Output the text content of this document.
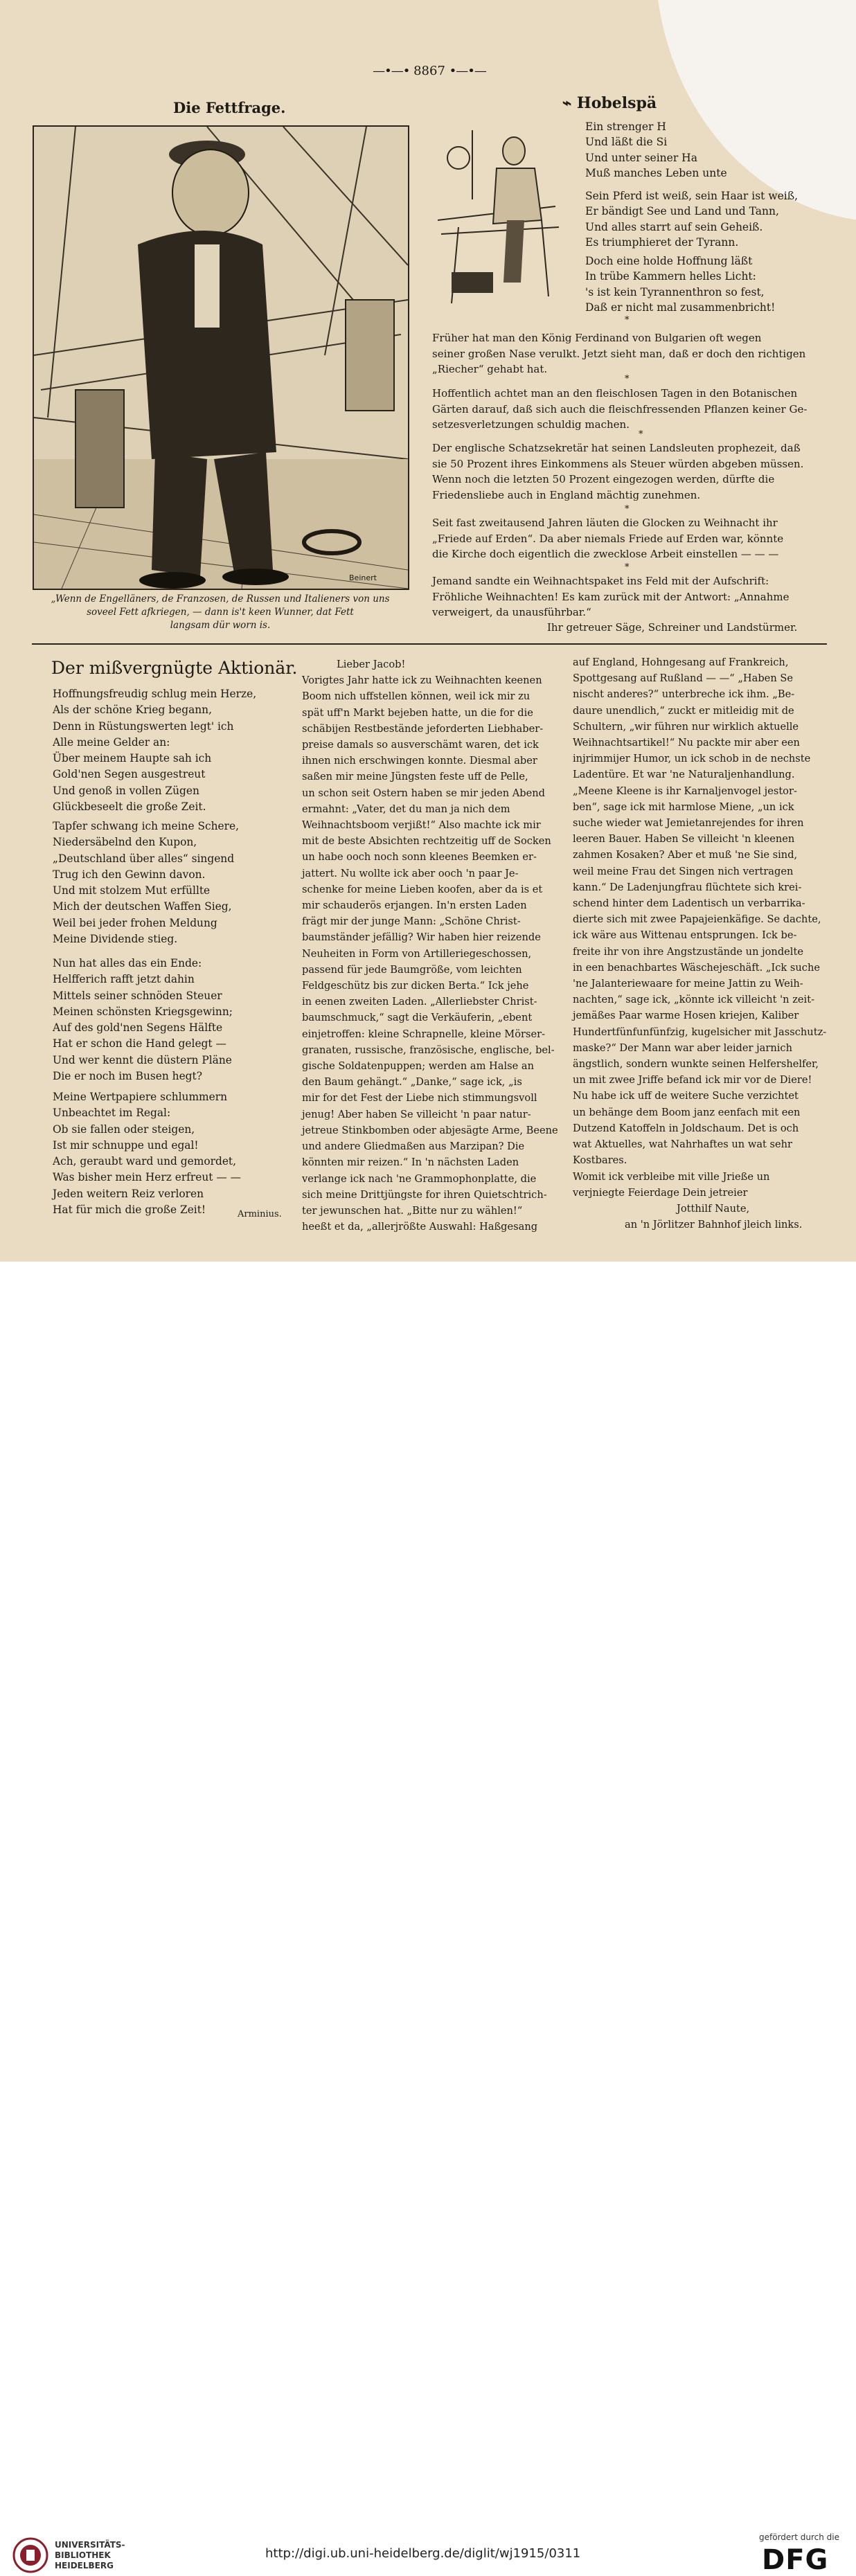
—•—• 8867 •—•—
Die Fettfrage.
Beinert
„Wenn de Engelläners, de Franzosen, de Russen und Italieners von uns
soveel Fett afkriegen, — dann is't keen Wunner, dat Fett
langsam dür worn is.
⌁ Hobelspä
Ein strenger H
Und läßt die Si
Und unter seiner Ha
Muß manches Leben unte
Sein Pferd ist weiß, sein Haar ist weiß,
Er bändigt See und Land und Tann,
Und alles starrt auf sein Geheiß.
Es triumphieret der Tyrann.
Doch eine holde Hoffnung läßt
In trübe Kammern helles Licht:
's ist kein Tyrannenthron so fest,
Daß er nicht mal zusammenbricht!
*
Früher hat man den König Ferdinand von Bulgarien oft wegen
seiner großen Nase verulkt. Jetzt sieht man, daß er doch den richtigen
„Riecher“ gehabt hat.
*
Hoffentlich achtet man an den fleischlosen Tagen in den Botanischen
Gärten darauf, daß sich auch die fleischfressenden Pflanzen keiner Ge-
setzesverletzungen schuldig machen.
*
Der englische Schatzsekretär hat seinen Landsleuten prophezeit, daß
sie 50 Prozent ihres Einkommens als Steuer würden abgeben müssen.
Wenn noch die letzten 50 Prozent eingezogen werden, dürfte die
Friedensliebe auch in England mächtig zunehmen.
*
Seit fast zweitausend Jahren läuten die Glocken zu Weihnacht ihr
„Friede auf Erden“. Da aber niemals Friede auf Erden war, könnte
die Kirche doch eigentlich die zwecklose Arbeit einstellen — — —
*
Jemand sandte ein Weihnachtspaket ins Feld mit der Aufschrift:
Fröhliche Weihnachten! Es kam zurück mit der Antwort: „Annahme
verweigert, da unausführbar.“
Ihr getreuer Säge, Schreiner und Landstürmer.
Der mißvergnügte Aktionär.
Hoffnungsfreudig schlug mein Herze,
Als der schöne Krieg begann,
Denn in Rüstungswerten legt' ich
Alle meine Gelder an:
Über meinem Haupte sah ich
Gold'nen Segen ausgestreut
Und genoß in vollen Zügen
Glückbeseelt die große Zeit.
Tapfer schwang ich meine Schere,
Niedersäbelnd den Kupon,
„Deutschland über alles“ singend
Trug ich den Gewinn davon.
Und mit stolzem Mut erfüllte
Mich der deutschen Waffen Sieg,
Weil bei jeder frohen Meldung
Meine Dividende stieg.
Nun hat alles das ein Ende:
Helfferich rafft jetzt dahin
Mittels seiner schnöden Steuer
Meinen schönsten Kriegsgewinn;
Auf des gold'nen Segens Hälfte
Hat er schon die Hand gelegt —
Und wer kennt die düstern Pläne
Die er noch im Busen hegt?
Meine Wertpapiere schlummern
Unbeachtet im Regal:
Ob sie fallen oder steigen,
Ist mir schnuppe und egal!
Ach, geraubt ward und gemordet,
Was bisher mein Herz erfreut — —
Jeden weitern Reiz verloren
Hat für mich die große Zeit!	Arminius.
Lieber Jacob!
Vorigtes Jahr hatte ick zu Weihnachten keenen
Boom nich uffstellen können, weil ick mir zu
spät uff'n Markt bejeben hatte, un die for die
schäbijen Restbestände jeforderten Liebhaber-
preise damals so ausverschämt waren, det ick
ihnen nich erschwingen konnte. Diesmal aber
saßen mir meine Jüngsten feste uff de Pelle,
un schon seit Ostern haben se mir jeden Abend
ermahnt: „Vater, det du man ja nich dem
Weihnachtsboom verjißt!“ Also machte ick mir
mit de beste Absichten rechtzeitig uff de Socken
un habe ooch noch sonn kleenes Beemken er-
jattert. Nu wollte ick aber ooch 'n paar Je-
schenke for meine Lieben koofen, aber da is et
mir schauderös erjangen. In'n ersten Laden
frägt mir der junge Mann: „Schöne Christ-
baumständer jefällig? Wir haben hier reizende
Neuheiten in Form von Artilleriegeschossen,
passend für jede Baumgröße, vom leichten
Feldgeschütz bis zur dicken Berta.“ Ick jehe
in eenen zweiten Laden. „Allerliebster Christ-
baumschmuck,“ sagt die Verkäuferin, „ebent
einjetroffen: kleine Schrapnelle, kleine Mörser-
granaten, russische, französische, englische, bel-
gische Soldatenpuppen; werden am Halse an
den Baum gehängt.“ „Danke,“ sage ick, „is
mir for det Fest der Liebe nich stimmungsvoll
jenug! Aber haben Se villeicht 'n paar natur-
jetreue Stinkbomben oder abjesägte Arme, Beene
und andere Gliedmaßen aus Marzipan? Die
könnten mir reizen.“ In 'n nächsten Laden
verlange ick nach 'ne Grammophonplatte, die
sich meine Drittjüngste for ihren Quietschtrich-
ter jewunschen hat. „Bitte nur zu wählen!“
heeßt et da, „allerjrößte Auswahl: Haßgesang
auf England, Hohngesang auf Frankreich,
Spottgesang auf Rußland — —“ „Haben Se
nischt anderes?“ unterbreche ick ihm. „Be-
daure unendlich,“ zuckt er mitleidig mit de
Schultern, „wir führen nur wirklich aktuelle
Weihnachtsartikel!“ Nu packte mir aber een
injrimmijer Humor, un ick schob in de nechste
Ladentüre. Et war 'ne Naturaljenhandlung.
„Meene Kleene is ihr Karnaljenvogel jestor-
ben“, sage ick mit harmlose Miene, „un ick
suche wieder wat Jemietanrejendes for ihren
leeren Bauer. Haben Se villeicht 'n kleenen
zahmen Kosaken? Aber et muß 'ne Sie sind,
weil meine Frau det Singen nich vertragen
kann.“ De Ladenjungfrau flüchtete sich krei-
schend hinter dem Ladentisch un verbarrika-
dierte sich mit zwee Papajeienkäfige. Se dachte,
ick wäre aus Wittenau entsprungen. Ick be-
freite ihr von ihre Angstzustände un jondelte
in een benachbartes Wäschejeschäft. „Ick suche
'ne Jalanteriewaare for meine Jattin zu Weih-
nachten,“ sage ick, „könnte ick villeicht 'n zeit-
jemäßes Paar warme Hosen kriejen, Kaliber
Hundertfünfunfünfzig, kugelsicher mit Jasschutz-
maske?“ Der Mann war aber leider jarnich
ängstlich, sondern wunkte seinen Helfershelfer,
un mit zwee Jriffe befand ick mir vor de Diere!
Nu habe ick uff de weitere Suche verzichtet
un behänge dem Boom janz eenfach mit een
Dutzend Katoffeln in Joldschaum. Det is och
wat Aktuelles, wat Nahrhaftes un wat sehr
Kostbares.
Womit ick verbleibe mit ville Jrieße un
verjniegte Feierdage Dein jetreier
Jotthilf Naute,
an 'n Jörlitzer Bahnhof jleich links.
UNIVERSITÄTS-
BIBLIOTHEK
HEIDELBERG
http://digi.ub.uni-heidelberg.de/diglit/wj1915/0311
gefördert durch die
DFG
